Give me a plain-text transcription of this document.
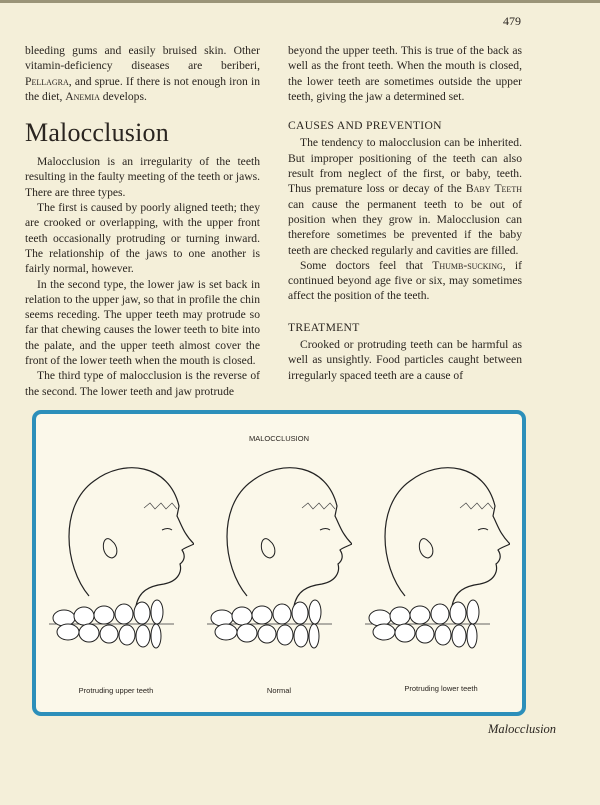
479

bleeding gums and easily bruised skin. Other vitamin-deficiency diseases are beriberi, Pellagra, and sprue. If there is not enough iron in the diet, Anemia develops.

Malocclusion

Malocclusion is an irregularity of the teeth resulting in the faulty meeting of the teeth or jaws. There are three types.

The first is caused by poorly aligned teeth; they are crooked or overlapping, with the upper front teeth occasionally protruding or turning inward. The relationship of the jaws to one another is fairly normal, however.

In the second type, the lower jaw is set back in relation to the upper jaw, so that in profile the chin seems receding. The upper teeth may protrude so far that chewing causes the lower teeth to bite into the palate, and the upper teeth almost cover the front of the lower teeth when the mouth is closed.

The third type of malocclusion is the reverse of the second. The lower teeth and jaw protrude

beyond the upper teeth. This is true of the back as well as the front teeth. When the mouth is closed, the lower teeth are sometimes outside the upper teeth, giving the jaw a determined set.

CAUSES AND PREVENTION

The tendency to malocclusion can be inherited. But improper positioning of the teeth can also result from neglect of the first, or baby, teeth. Thus premature loss or decay of the Baby Teeth can cause the permanent teeth to be out of position when they grow in. Malocclusion can therefore sometimes be prevented if the baby teeth are checked regularly and cavities are filled.

Some doctors feel that Thumb-sucking, if continued beyond age five or six, may sometimes affect the position of the teeth.

TREATMENT

Crooked or protruding teeth can be harmful as well as unsightly. Food particles caught between irregularly spaced teeth are a cause of

MALOCCLUSION
Protruding upper teeth	Normal	Protruding lower teeth
Malocclusion
